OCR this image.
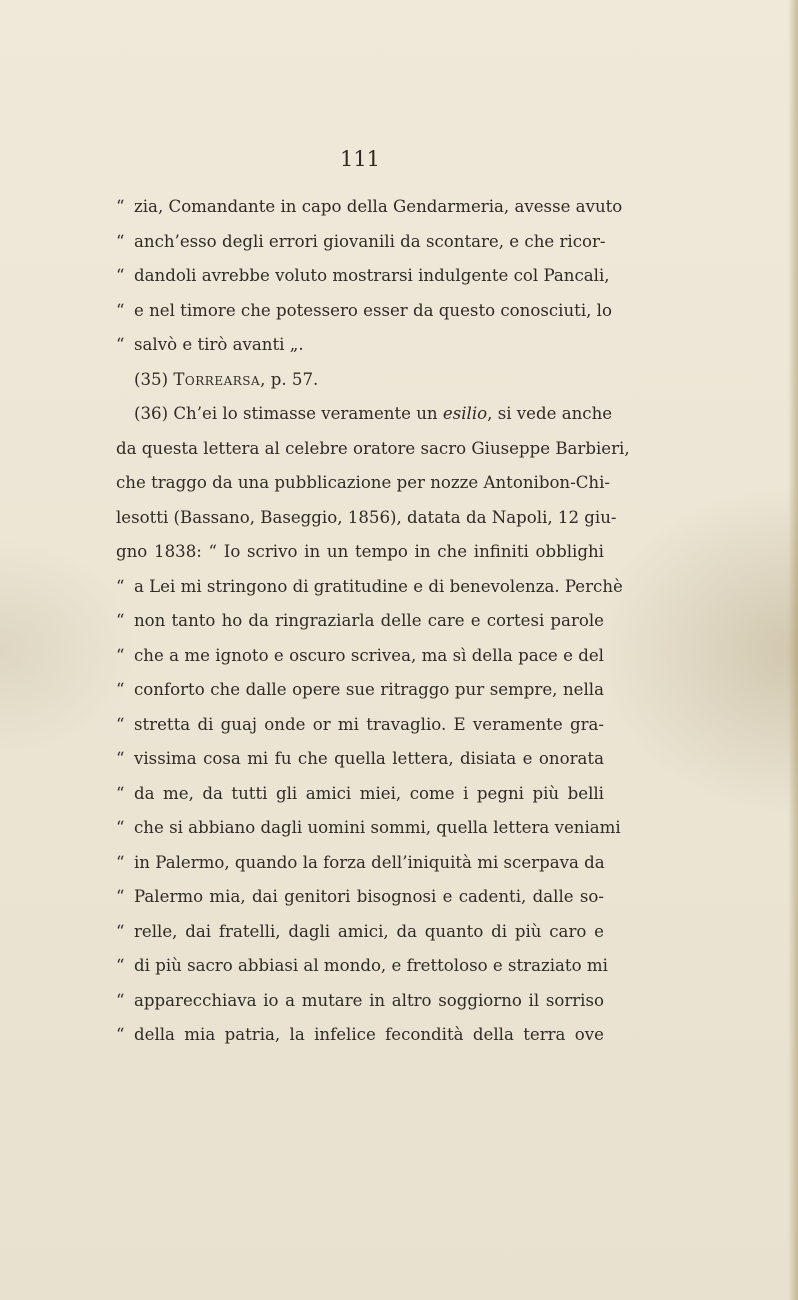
111
“ zia, Comandante in capo della Gendarmeria, avesse avuto
“ anch’esso degli errori giovanili da scontare, e che ricor-
“ dandoli avrebbe voluto mostrarsi indulgente col Pancali,
“ e nel timore che potessero esser da questo conosciuti, lo
“ salvò e tirò avanti „.
(35) Torrearsa, p. 57.
(36) Ch’ei lo stimasse veramente un esilio, si vede anche
da questa lettera al celebre oratore sacro Giuseppe Barbieri,
che traggo da una pubblicazione per nozze Antonibon-Chi-
lesotti (Bassano, Baseggio, 1856), datata da Napoli, 12 giu-
gno 1838: “ Io scrivo in un tempo in che infiniti obblighi
“ a Lei mi stringono di gratitudine e di benevolenza. Perchè
“ non tanto ho da ringraziarla delle care e cortesi parole
“ che a me ignoto e oscuro scrivea, ma sì della pace e del
“ conforto che dalle opere sue ritraggo pur sempre, nella
“ stretta di guaj onde or mi travaglio. E veramente gra-
“ vissima cosa mi fu che quella lettera, disiata e onorata
“ da me, da tutti gli amici miei, come i pegni più belli
“ che si abbiano dagli uomini sommi, quella lettera veniami
“ in Palermo, quando la forza dell’iniquità mi scerpava da
“ Palermo mia, dai genitori bisognosi e cadenti, dalle so-
“ relle, dai fratelli, dagli amici, da quanto di più caro e
“ di più sacro abbiasi al mondo, e frettoloso e straziato mi
“ apparecchiava io a mutare in altro soggiorno il sorriso
“ della mia patria, la infelice fecondità della terra ove
